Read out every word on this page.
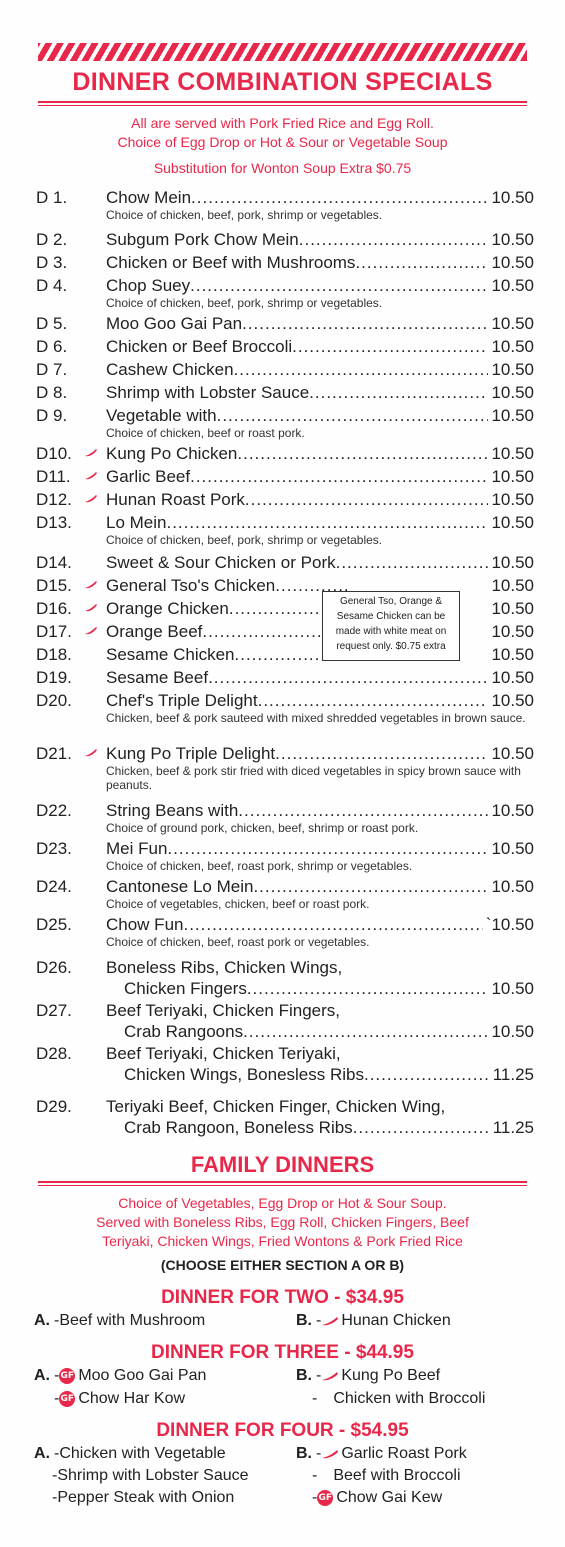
DINNER COMBINATION SPECIALS
All are served with Pork Fried Rice and Egg Roll.
Choice of Egg Drop or Hot & Sour or Vegetable Soup
Substitution for Wonton Soup Extra $0.75
D 1. Chow Mein .....	10.50
Choice of chicken, beef, pork, shrimp or vegetables.
D 2. Subgum Pork Chow Mein .....	10.50
D 3. Chicken or Beef with Mushrooms .....	10.50
D 4. Chop Suey .....	10.50
Choice of chicken, beef, pork, shrimp or vegetables.
D 5. Moo Goo Gai Pan .....	10.50
D 6. Chicken or Beef Broccoli .....	10.50
D 7. Cashew Chicken .....	10.50
D 8. Shrimp with Lobster Sauce .....	10.50
D 9. Vegetable with .....	10.50
Choice of chicken, beef or roast pork.
D10. Kung Po Chicken .....	10.50
D11. Garlic Beef .....	10.50
D12. Hunan Roast Pork .....	10.50
D13. Lo Mein .....	10.50
Choice of chicken, beef, pork, shrimp or vegetables.
D14. Sweet & Sour Chicken or Pork .....	10.50
D15. General Tso's Chicken .....	10.50
D16. Orange Chicken .....	10.50
D17. Orange Beef .....	10.50
D18. Sesame Chicken .....	10.50
D19. Sesame Beef .....	10.50
D20. Chef's Triple Delight .....	10.50
Chicken, beef & pork sauteed with mixed shredded vegetables in brown sauce.
D21. Kung Po Triple Delight .....	10.50
Chicken, beef & pork stir fried with diced vegetables in spicy brown sauce with peanuts.
D22. String Beans with .....	10.50
Choice of ground pork, chicken, beef, shrimp or roast pork.
D23. Mei Fun .....	10.50
Choice of chicken, beef, roast pork, shrimp or vegetables.
D24. Cantonese Lo Mein .....	10.50
Choice of vegetables, chicken, beef or roast pork.
D25. Chow Fun .....	`10.50
Choice of chicken, beef, roast pork or vegetables.
D26. Boneless Ribs, Chicken Wings,
Chicken Fingers .....	10.50
D27. Beef Teriyaki, Chicken Fingers,
Crab Rangoons .....	10.50
D28. Beef Teriyaki, Chicken Teriyaki,
Chicken Wings, Bonesless Ribs .....	11.25
D29. Teriyaki Beef, Chicken Finger, Chicken Wing,
Crab Rangoon, Boneless Ribs .....	11.25
General Tso, Orange &
Sesame Chicken can be
made with white meat on
request only. $0.75 extra
FAMILY DINNERS
Choice of Vegetables, Egg Drop or Hot & Sour Soup.
Served with Boneless Ribs, Egg Roll, Chicken Fingers, Beef
Teriyaki, Chicken Wings, Fried Wontons & Pork Fried Rice
(CHOOSE EITHER SECTION A OR B)
DINNER FOR TWO - $34.95
A. -Beef with Mushroom	B. - Hunan Chicken
DINNER FOR THREE - $44.95
A. - GF Moo Goo Gai Pan
- GF Chow Har Kow
B. - Kung Po Beef
- Chicken with Broccoli
DINNER FOR FOUR - $54.95
A. -Chicken with Vegetable
-Shrimp with Lobster Sauce
-Pepper Steak with Onion
B. - Garlic Roast Pork
- Beef with Broccoli
- GF Chow Gai Kew
